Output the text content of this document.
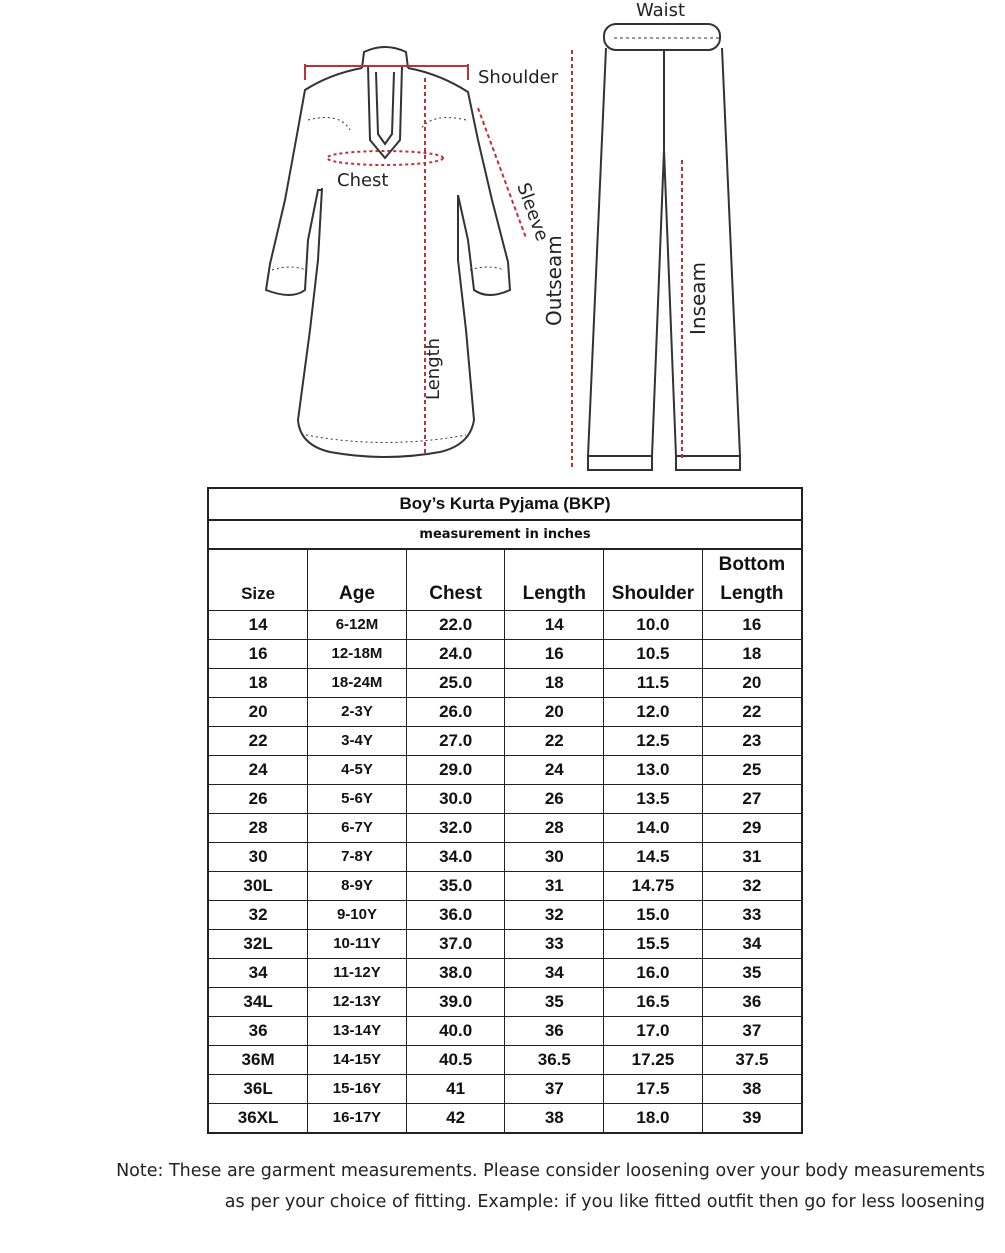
Waist
Shoulder
Chest	Sleeve
Length
Outseam	Inseam
Boy’s Kurta Pyjama (BKP)
measurement in inches
Size	Age	Chest	Length	Shoulder	Bottom
Length
14	6-12M	22.0	14	10.0	16
16	12-18M	24.0	16	10.5	18
18	18-24M	25.0	18	11.5	20
20	2-3Y	26.0	20	12.0	22
22	3-4Y	27.0	22	12.5	23
24	4-5Y	29.0	24	13.0	25
26	5-6Y	30.0	26	13.5	27
28	6-7Y	32.0	28	14.0	29
30	7-8Y	34.0	30	14.5	31
30L	8-9Y	35.0	31	14.75	32
32	9-10Y	36.0	32	15.0	33
32L	10-11Y	37.0	33	15.5	34
34	11-12Y	38.0	34	16.0	35
34L	12-13Y	39.0	35	16.5	36
36	13-14Y	40.0	36	17.0	37
36M	14-15Y	40.5	36.5	17.25	37.5
36L	15-16Y	41	37	17.5	38
36XL	16-17Y	42	38	18.0	39
Note: These are garment measurements. Please consider loosening over your body measurements
as per your choice of fitting. Example: if you like fitted outfit then go for less loosening
